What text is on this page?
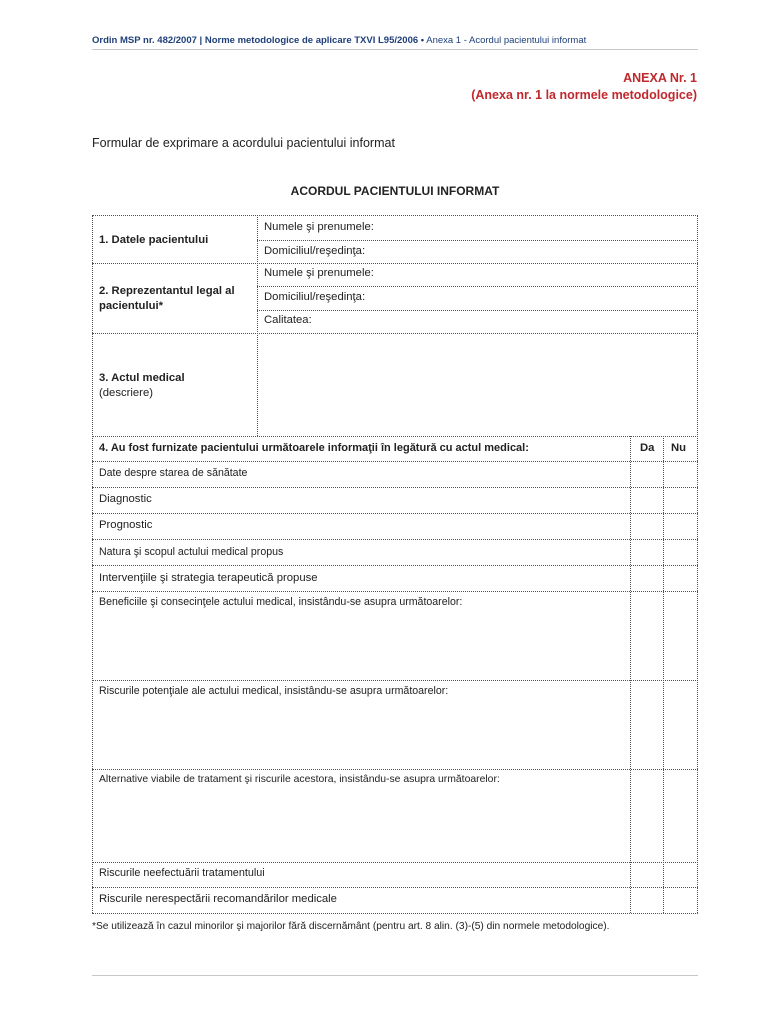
Ordin MSP nr. 482/2007 | Norme metodologice de aplicare TXVI L95/2006 • Anexa 1 - Acordul pacientului informat
ANEXA Nr. 1
(Anexa nr. 1 la normele metodologice)
Formular de exprimare a acordului pacientului informat
ACORDUL PACIENTULUI INFORMAT
1. Datele pacientului
Numele şi prenumele:
Domiciliul/reşedinţa:
2. Reprezentantul legal al
pacientului*
Numele şi prenumele:
Domiciliul/reşedinţa:
Calitatea:
3. Actul medical
(descriere)
4. Au fost furnizate pacientului următoarele informaţii în legătură cu actul medical:	Da Nu
Date despre starea de sănătate
Diagnostic
Prognostic
Natura şi scopul actului medical propus
Intervenţiile şi strategia terapeutică propuse
Beneficiile şi consecinţele actului medical, insistându-se asupra următoarelor:
Riscurile potenţiale ale actului medical, insistându-se asupra următoarelor:
Alternative viabile de tratament şi riscurile acestora, insistându-se asupra următoarelor:
Riscurile neefectuării tratamentului
Riscurile nerespectării recomandărilor medicale
*Se utilizează în cazul minorilor şi majorilor fără discernământ (pentru art. 8 alin. (3)-(5) din normele metodologice).
